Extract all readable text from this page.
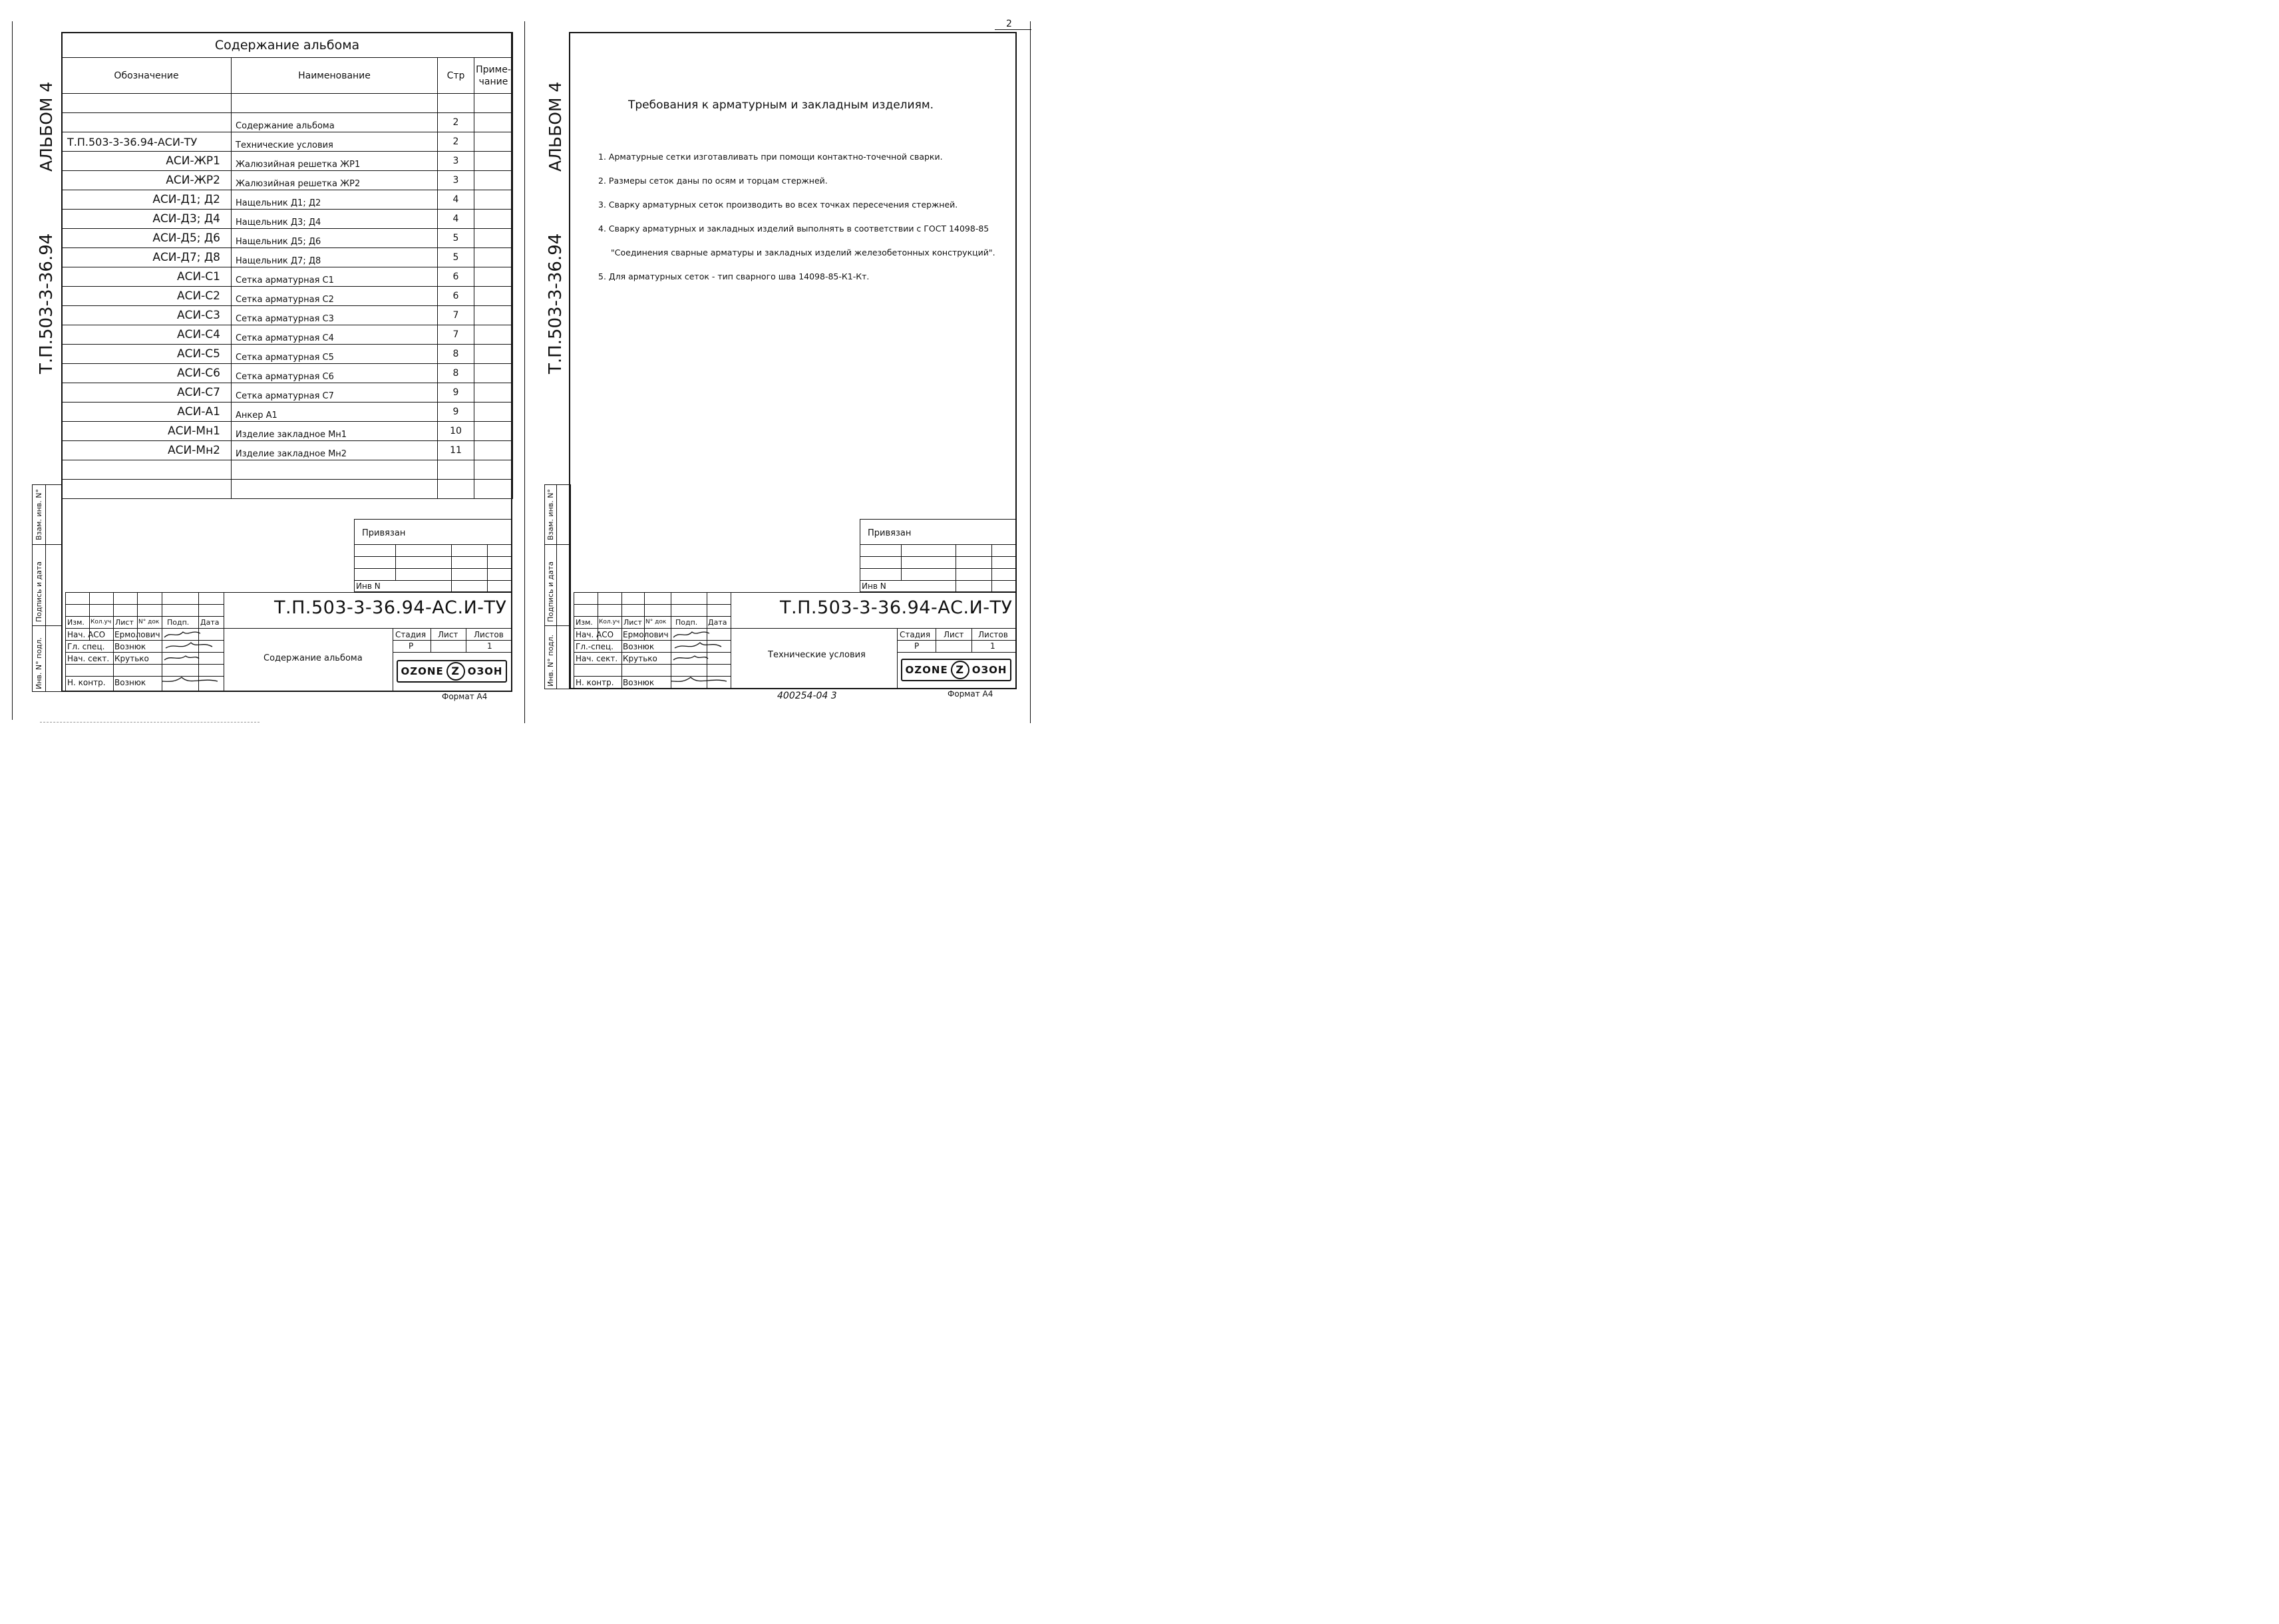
АЛЬБОМ 4
Т.П.503-3-36.94
Взам. инв. N°
Подпись и дата
Инв. N° подл.
Содержание альбома			
Обозначение	Наименование	Стр	Приме-чание

	Содержание альбома	2	
Т.П.503-3-36.94-АСИ-ТУ	Технические условия	2	
АСИ-ЖР1	Жалюзийная решетка ЖР1	3	
АСИ-ЖР2	Жалюзийная решетка ЖР2	3	
АСИ-Д1; Д2	Нащельник Д1; Д2	4	
АСИ-Д3; Д4	Нащельник Д3; Д4	4	
АСИ-Д5; Д6	Нащельник Д5; Д6	5	
АСИ-Д7; Д8	Нащельник Д7; Д8	5	
АСИ-С1	Сетка арматурная С1	6	
АСИ-С2	Сетка арматурная С2	6	
АСИ-С3	Сетка арматурная С3	7	
АСИ-С4	Сетка арматурная С4	7	
АСИ-С5	Сетка арматурная С5	8	
АСИ-С6	Сетка арматурная С6	8	
АСИ-С7	Сетка арматурная С7	9	
АСИ-А1	Анкер А1	9	
АСИ-Мн1	Изделие закладное Мн1	10	
АСИ-Мн2	Изделие закладное Мн2	11	

Привязан
Инв N
Т.П.503-3-36.94-АС.И-ТУ
Изм. Кол.уч Лист N° док Подп. Дата
Нач. АСО Ермолович
Гл. спец. Вознюк
Нач. сект. Крутько
Н. контр. Вознюк
Содержание альбома
Стадия Лист Листов
Р	1
OZONE Z ОЗОН
Формат А4
2
АЛЬБОМ 4
Т.П.503-3-36.94
Взам. инв. N°
Подпись и дата
Инв. N° подл.
Требования к арматурным и закладным изделиям.
1. Арматурные сетки изготавливать при помощи контактно-точечной сварки.
2. Размеры сеток даны по осям и торцам стержней.
3. Сварку арматурных сеток производить во всех точках пересечения стержней.
4. Сварку арматурных и закладных изделий выполнять в соответствии с ГОСТ 14098-85
"Соединения сварные арматуры и закладных изделий железобетонных конструкций".
5. Для арматурных сеток - тип сварного шва 14098-85-К1-Кт.
Привязан
Инв N
Т.П.503-3-36.94-АС.И-ТУ
Изм. Кол.уч Лист N° док Подп. Дата
Нач. АСО Ермолович
Гл.-спец. Вознюк
Нач. сект. Крутько
Н. контр. Вознюк
Технические условия
Стадия Лист Листов
Р	1
OZONE Z ОЗОН
400254-04 3	Формат А4
